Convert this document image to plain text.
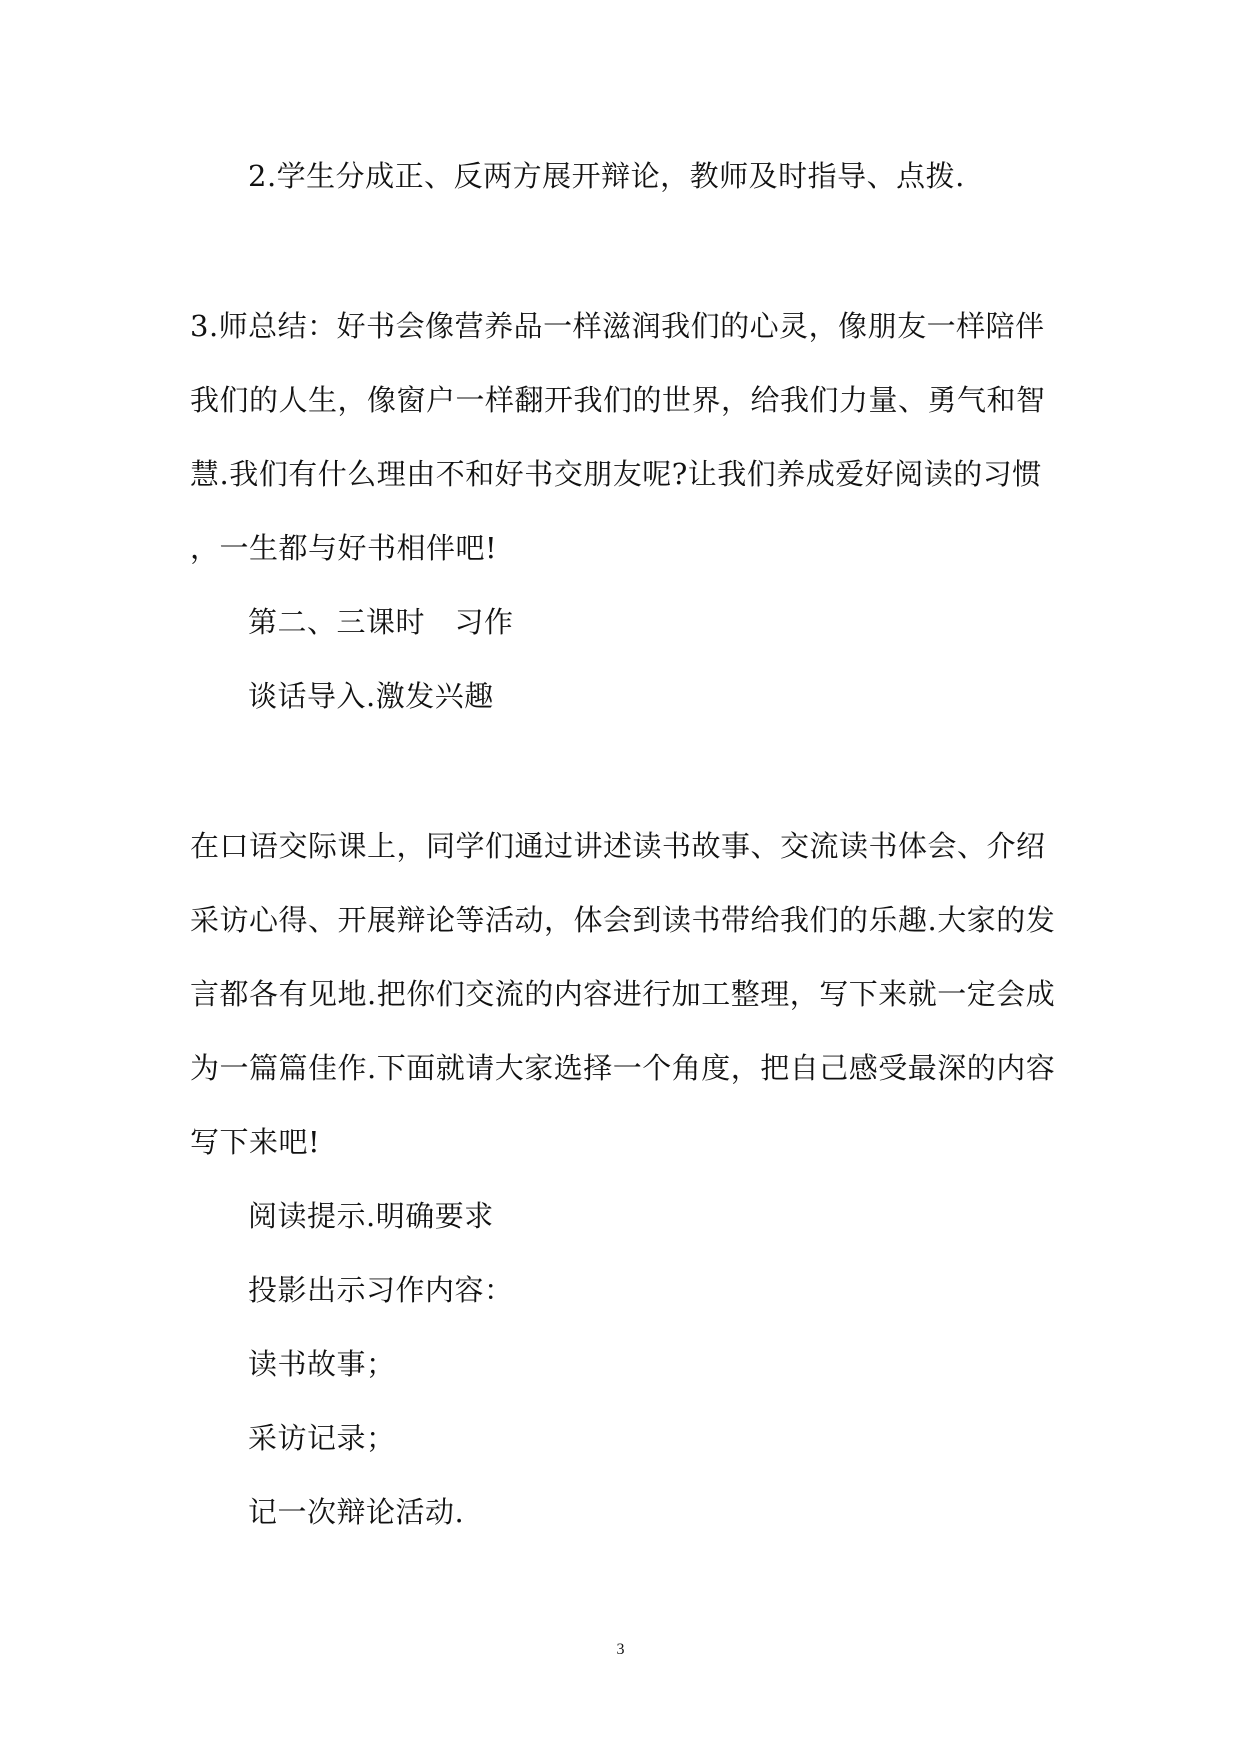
2.学生分成正、反两方展开辩论，教师及时指导、点拨.
3.师总结：好书会像营养品一样滋润我们的心灵，像朋友一样陪伴
我们的人生，像窗户一样翻开我们的世界，给我们力量、勇气和智
慧.我们有什么理由不和好书交朋友呢?让我们养成爱好阅读的习惯
，一生都与好书相伴吧!
第二、三课时　习作
谈话导入.激发兴趣
在口语交际课上，同学们通过讲述读书故事、交流读书体会、介绍
采访心得、开展辩论等活动，体会到读书带给我们的乐趣.大家的发
言都各有见地.把你们交流的内容进行加工整理，写下来就一定会成
为一篇篇佳作.下面就请大家选择一个角度，把自己感受最深的内容
写下来吧!
阅读提示.明确要求
投影出示习作内容：
读书故事；
采访记录；
记一次辩论活动.
3
